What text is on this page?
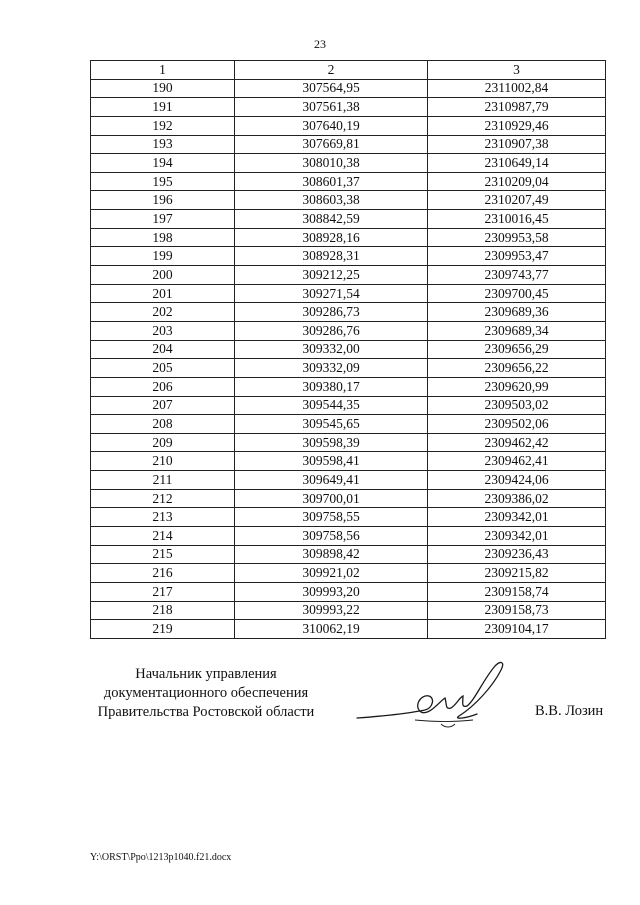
23
1	2	3
190	307564,95	2311002,84
191	307561,38	2310987,79
192	307640,19	2310929,46
193	307669,81	2310907,38
194	308010,38	2310649,14
195	308601,37	2310209,04
196	308603,38	2310207,49
197	308842,59	2310016,45
198	308928,16	2309953,58
199	308928,31	2309953,47
200	309212,25	2309743,77
201	309271,54	2309700,45
202	309286,73	2309689,36
203	309286,76	2309689,34
204	309332,00	2309656,29
205	309332,09	2309656,22
206	309380,17	2309620,99
207	309544,35	2309503,02
208	309545,65	2309502,06
209	309598,39	2309462,42
210	309598,41	2309462,41
211	309649,41	2309424,06
212	309700,01	2309386,02
213	309758,55	2309342,01
214	309758,56	2309342,01
215	309898,42	2309236,43
216	309921,02	2309215,82
217	309993,20	2309158,74
218	309993,22	2309158,73
219	310062,19	2309104,17
Начальник управления
документационного обеспечения
Правительства Ростовской области	В.В. Лозин
Y:\ORST\Ppo\1213p1040.f21.docx
